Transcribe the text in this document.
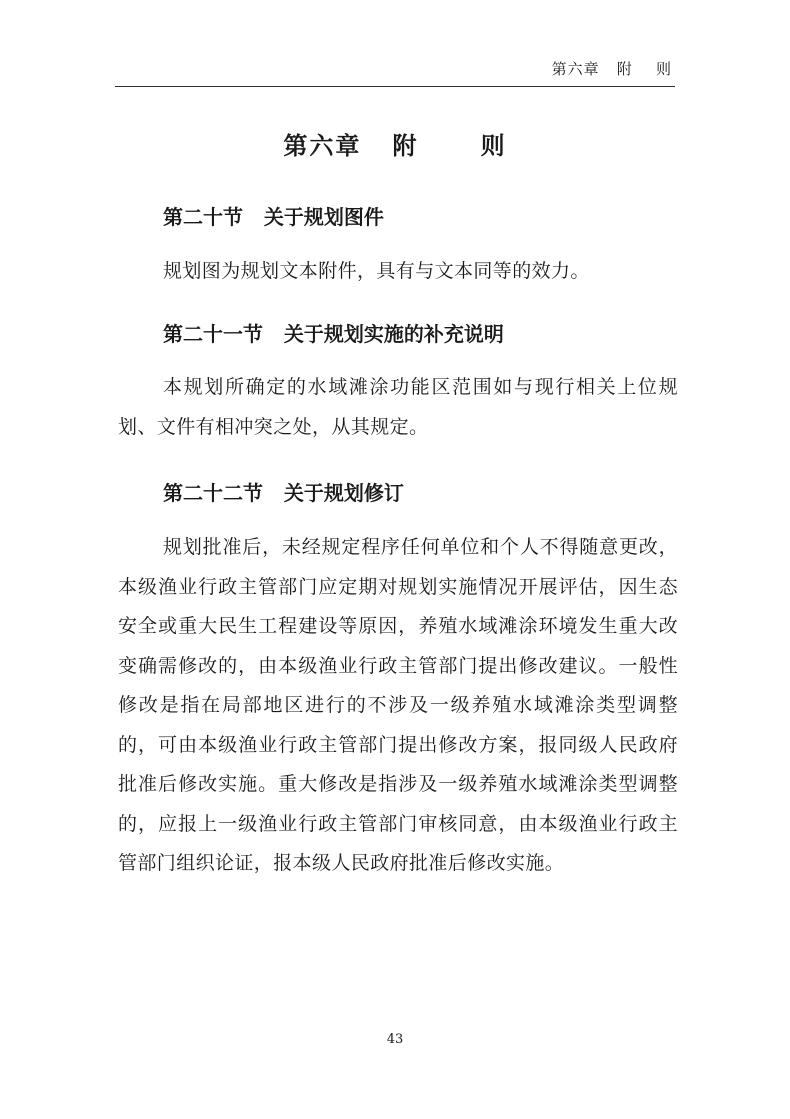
第六章   附    则
第六章   附      则
第二十节   关于规划图件
规划图为规划文本附件，具有与文本同等的效力。
第二十一节   关于规划实施的补充说明
本规划所确定的水域滩涂功能区范围如与现行相关上位规划、文件有相冲突之处，从其规定。
第二十二节   关于规划修订
规划批准后，未经规定程序任何单位和个人不得随意更改，本级渔业行政主管部门应定期对规划实施情况开展评估，因生态安全或重大民生工程建设等原因，养殖水域滩涂环境发生重大改变确需修改的，由本级渔业行政主管部门提出修改建议。一般性修改是指在局部地区进行的不涉及一级养殖水域滩涂类型调整的，可由本级渔业行政主管部门提出修改方案，报同级人民政府批准后修改实施。重大修改是指涉及一级养殖水域滩涂类型调整的，应报上一级渔业行政主管部门审核同意，由本级渔业行政主管部门组织论证，报本级人民政府批准后修改实施。
43
